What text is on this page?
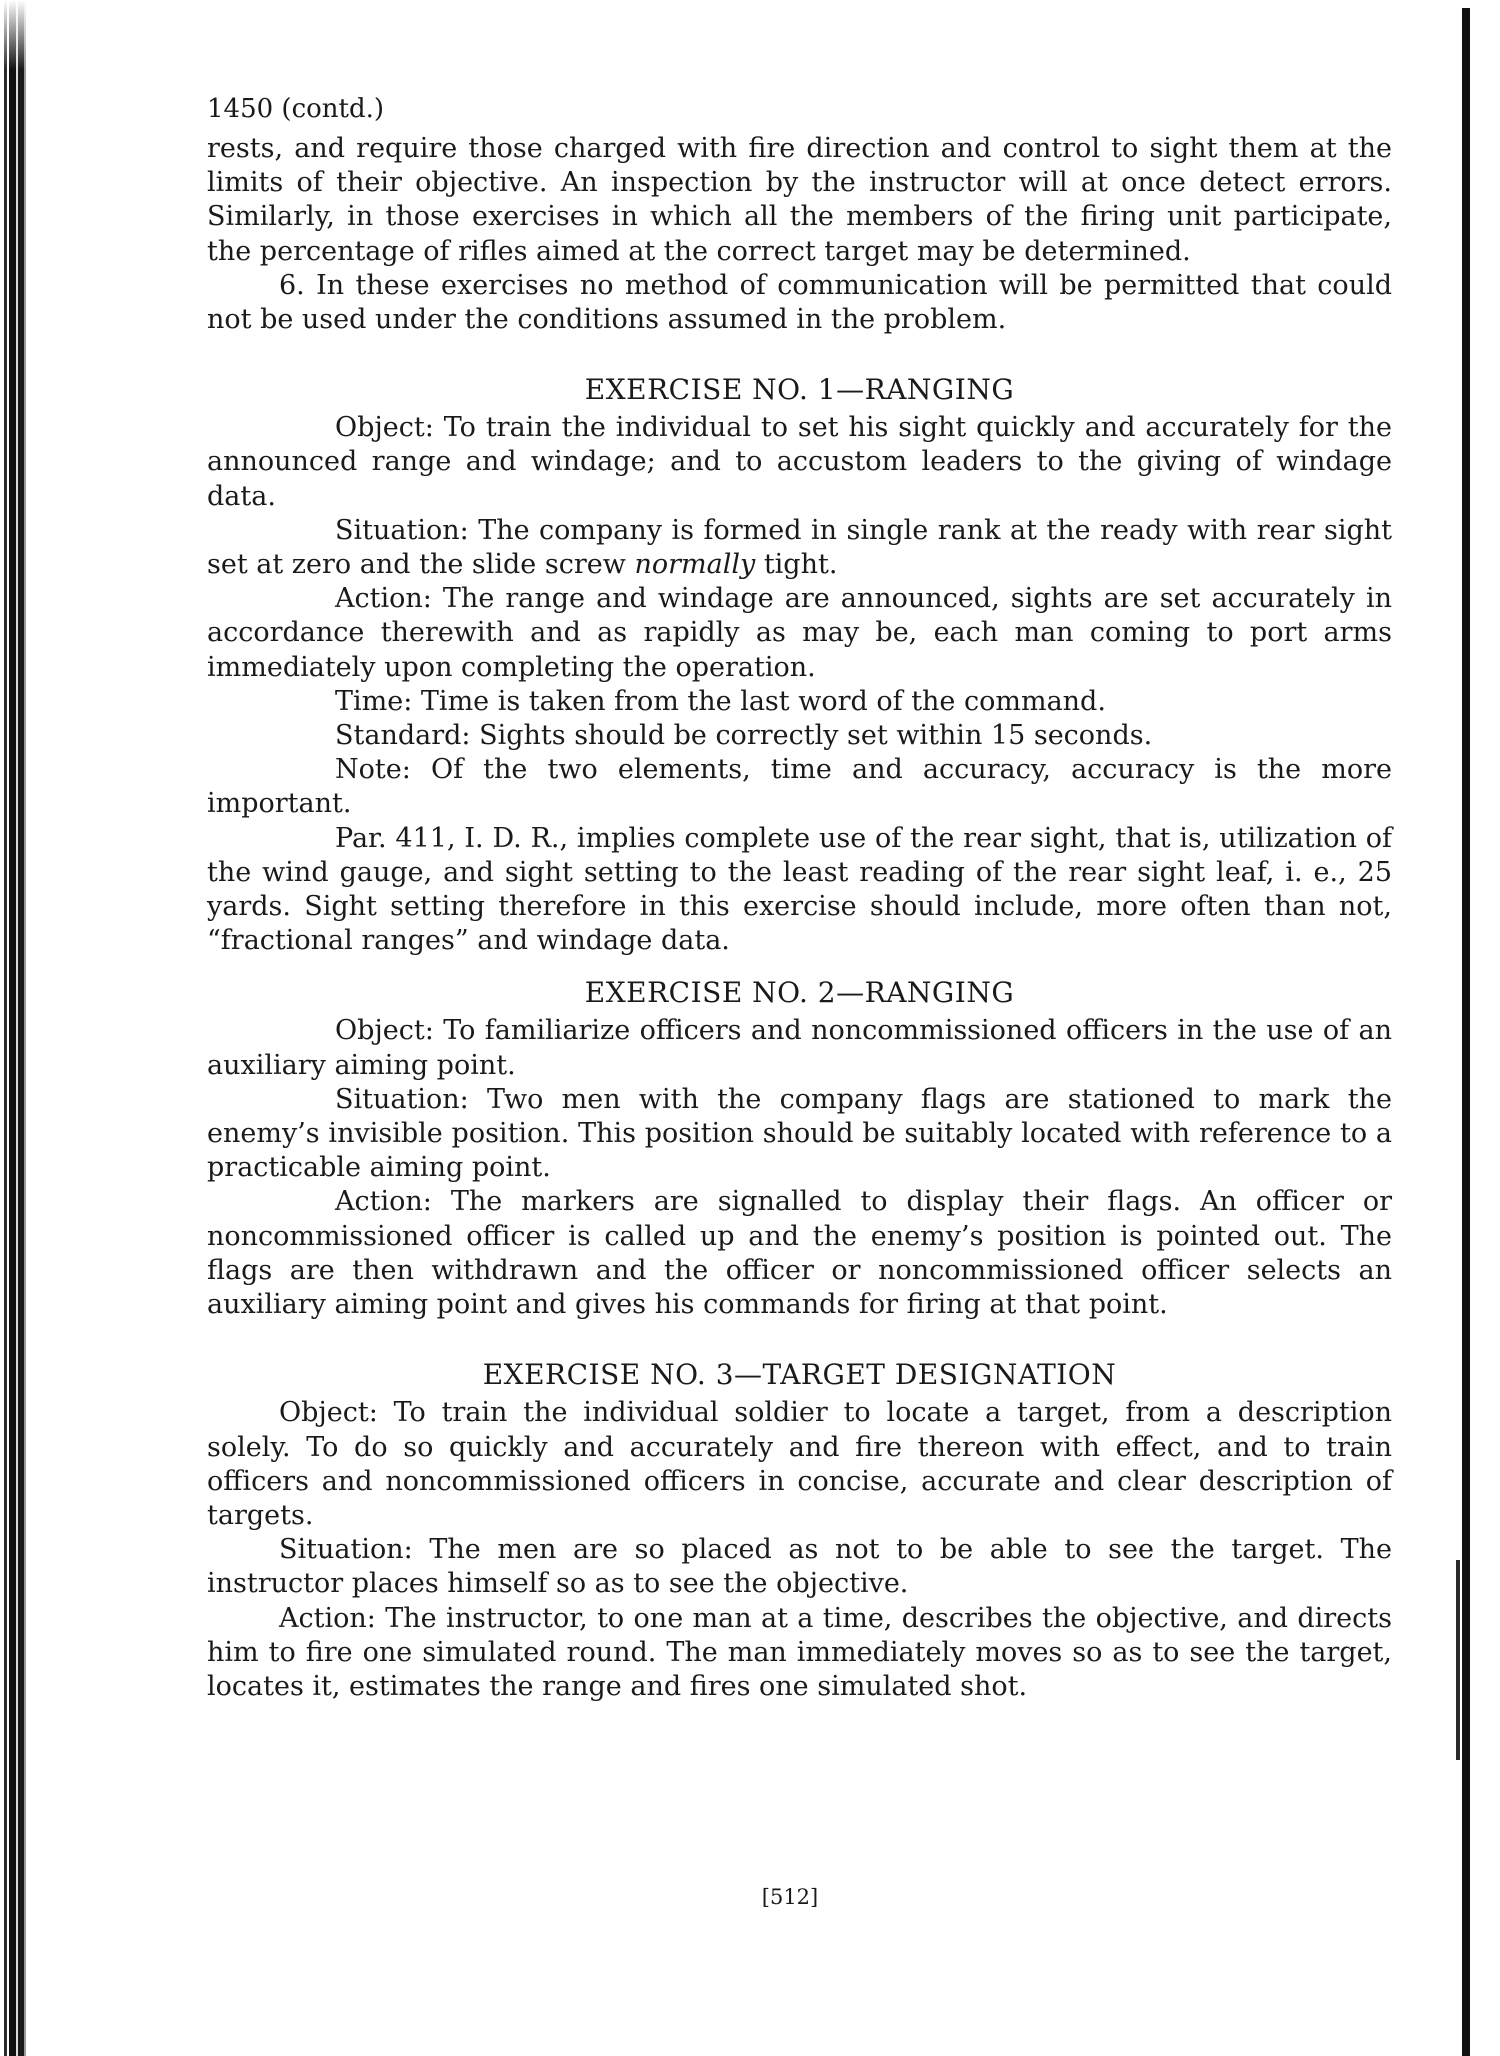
1450 (contd.)

rests, and require those charged with fire direction and control to sight them at the limits of their objective. An inspection by the instructor will at once detect errors. Similarly, in those exercises in which all the members of the firing unit participate, the percentage of rifles aimed at the correct target may be determined.

6. In these exercises no method of communication will be permitted that could not be used under the conditions assumed in the problem.

EXERCISE NO. 1—RANGING

Object: To train the individual to set his sight quickly and accurately for the announced range and windage; and to accustom leaders to the giving of windage data.

Situation: The company is formed in single rank at the ready with rear sight set at zero and the slide screw normally tight.

Action: The range and windage are announced, sights are set accurately in accordance therewith and as rapidly as may be, each man coming to port arms immediately upon completing the operation.

Time: Time is taken from the last word of the command.

Standard: Sights should be correctly set within 15 seconds.

Note: Of the two elements, time and accuracy, accuracy is the more important.

Par. 411, I. D. R., implies complete use of the rear sight, that is, utilization of the wind gauge, and sight setting to the least reading of the rear sight leaf, i. e., 25 yards. Sight setting therefore in this exercise should include, more often than not, “fractional ranges” and windage data.

EXERCISE NO. 2—RANGING

Object: To familiarize officers and noncommissioned officers in the use of an auxiliary aiming point.

Situation: Two men with the company flags are stationed to mark the enemy’s invisible position. This position should be suitably located with reference to a practicable aiming point.

Action: The markers are signalled to display their flags. An officer or noncommissioned officer is called up and the enemy’s position is pointed out. The flags are then withdrawn and the officer or noncommissioned officer selects an auxiliary aiming point and gives his commands for firing at that point.

EXERCISE NO. 3—TARGET DESIGNATION

Object: To train the individual soldier to locate a target, from a description solely. To do so quickly and accurately and fire thereon with effect, and to train officers and noncommissioned officers in concise, accurate and clear description of targets.

Situation: The men are so placed as not to be able to see the target. The instructor places himself so as to see the objective.

Action: The instructor, to one man at a time, describes the objective, and directs him to fire one simulated round. The man immediately moves so as to see the target, locates it, estimates the range and fires one simulated shot.

[512]
